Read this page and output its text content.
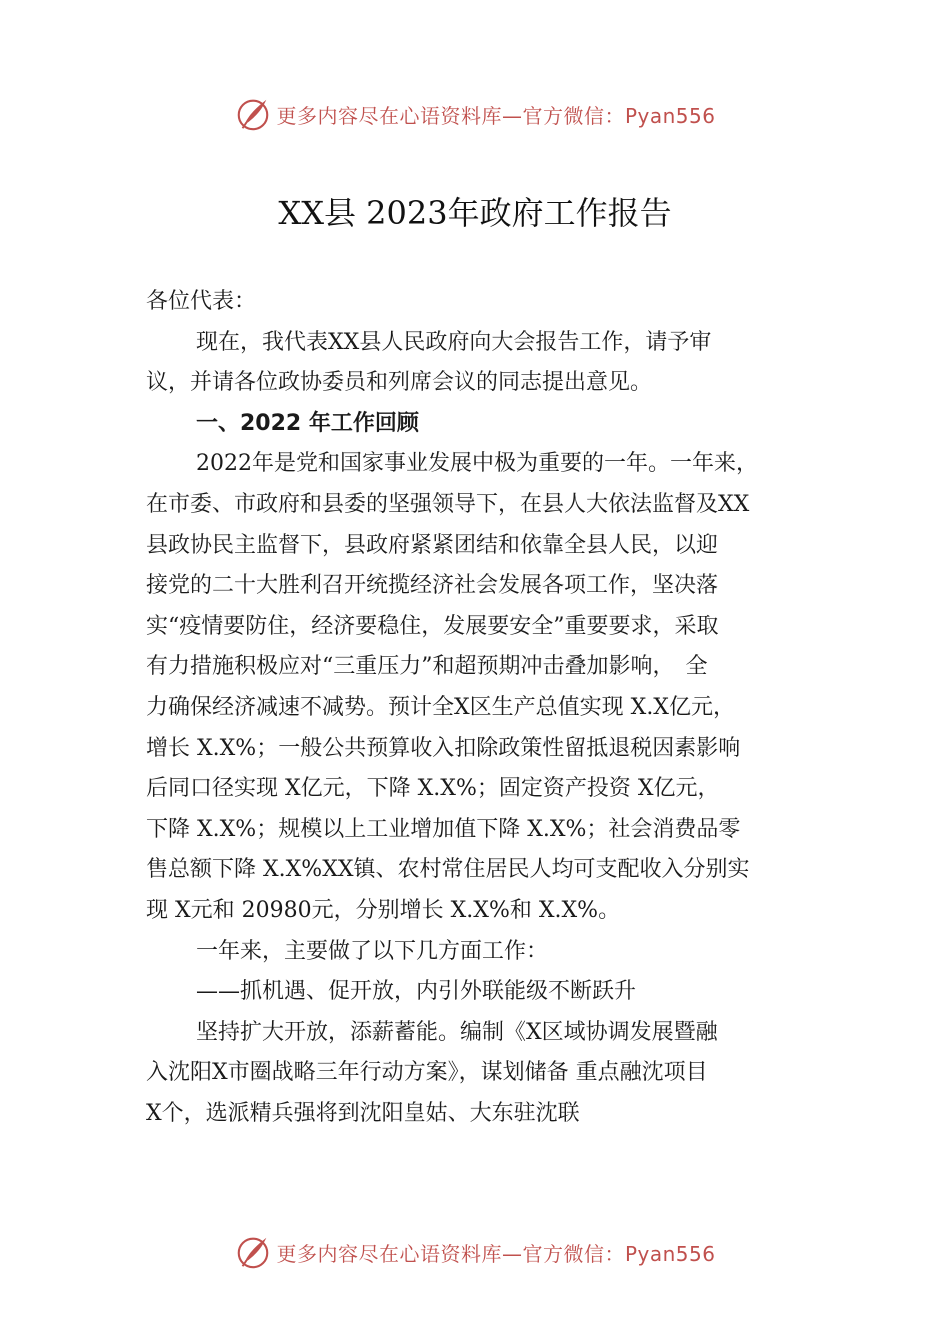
更多内容尽在心语资料库—官方微信：Pyan556
XX县 2023年政府工作报告

各位代表：

现在，我代表XX县人民政府向大会报告工作，请予审

议，并请各位政协委员和列席会议的同志提出意见。

一、2022 年工作回顾

2022年是党和国家事业发展中极为重要的一年。一年来，

在市委、市政府和县委的坚强领导下，在县人大依法监督及XX

县政协民主监督下，县政府紧紧团结和依靠全县人民，以迎

接党的二十大胜利召开统揽经济社会发展各项工作，坚决落

实“疫情要防住，经济要稳住，发展要安全”重要要求，采取

有力措施积极应对“三重压力”和超预期冲击叠加影响，　全

力确保经济减速不减势。预计全X区生产总值实现 X.X亿元，

增长 X.X%；一般公共预算收入扣除政策性留抵退税因素影响

后同口径实现 X亿元，下降 X.X%；固定资产投资 X亿元，

下降 X.X%；规模以上工业增加值下降 X.X%；社会消费品零

售总额下降 X.X%XX镇、农村常住居民人均可支配收入分别实

现 X元和 20980元，分别增长 X.X%和 X.X%。

一年来，主要做了以下几方面工作：

——抓机遇、促开放，内引外联能级不断跃升

坚持扩大开放，添薪蓄能。编制《X区域协调发展暨融

入沈阳X市圈战略三年行动方案》，谋划储备 重点融沈项目

X个，选派精兵强将到沈阳皇姑、大东驻沈联

更多内容尽在心语资料库—官方微信：Pyan556
